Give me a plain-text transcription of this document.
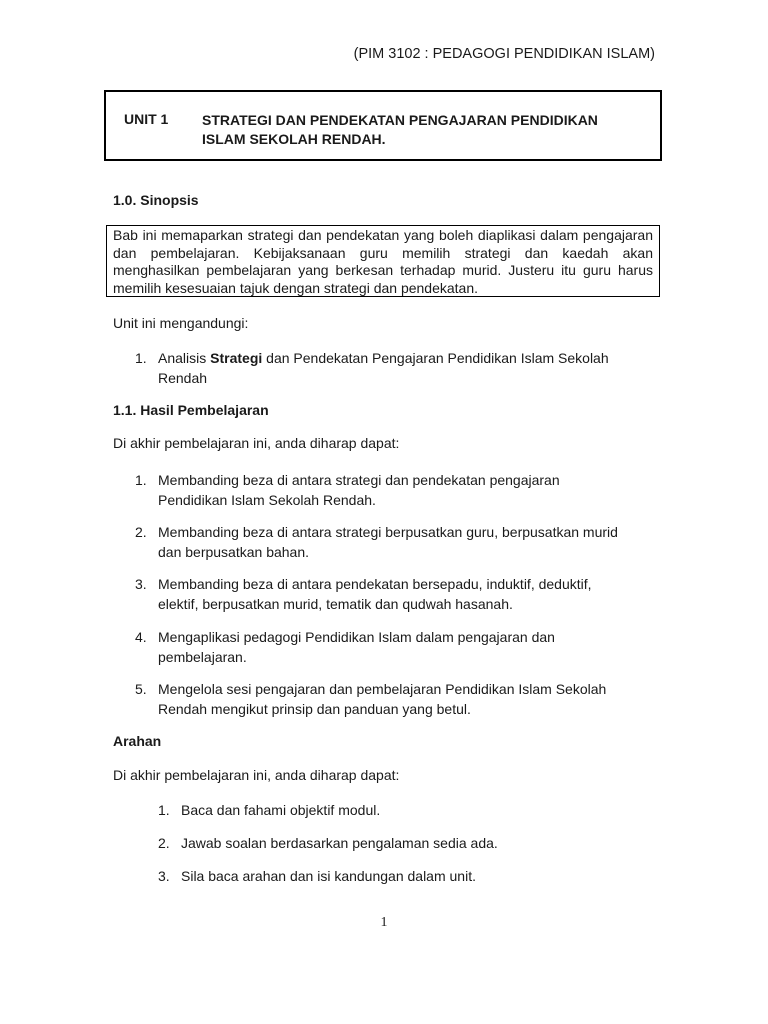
(PIM 3102 : PEDAGOGI PENDIDIKAN ISLAM)
UNIT 1 STRATEGI DAN PENDEKATAN PENGAJARAN PENDIDIKAN
ISLAM SEKOLAH RENDAH.
1.0. Sinopsis
Bab ini memaparkan strategi dan pendekatan yang boleh diaplikasi dalam pengajaran dan pembelajaran. Kebijaksanaan guru memilih strategi dan kaedah akan menghasilkan pembelajaran yang berkesan terhadap murid. Justeru itu guru harus memilih kesesuaian tajuk dengan strategi dan pendekatan.
Unit ini mengandungi:
1. Analisis Strategi dan Pendekatan Pengajaran Pendidikan Islam Sekolah
Rendah
1.1. Hasil Pembelajaran
Di akhir pembelajaran ini, anda diharap dapat:
1. Membanding beza di antara strategi dan pendekatan pengajaran
Pendidikan Islam Sekolah Rendah.
2. Membanding beza di antara strategi berpusatkan guru, berpusatkan murid
dan berpusatkan bahan.
3. Membanding beza di antara pendekatan bersepadu, induktif, deduktif,
elektif, berpusatkan murid, tematik dan qudwah hasanah.
4. Mengaplikasi pedagogi Pendidikan Islam dalam pengajaran dan
pembelajaran.
5. Mengelola sesi pengajaran dan pembelajaran Pendidikan Islam Sekolah
Rendah mengikut prinsip dan panduan yang betul.
Arahan
Di akhir pembelajaran ini, anda diharap dapat:
1. Baca dan fahami objektif modul.
2. Jawab soalan berdasarkan pengalaman sedia ada.
3. Sila baca arahan dan isi kandungan dalam unit.
1
